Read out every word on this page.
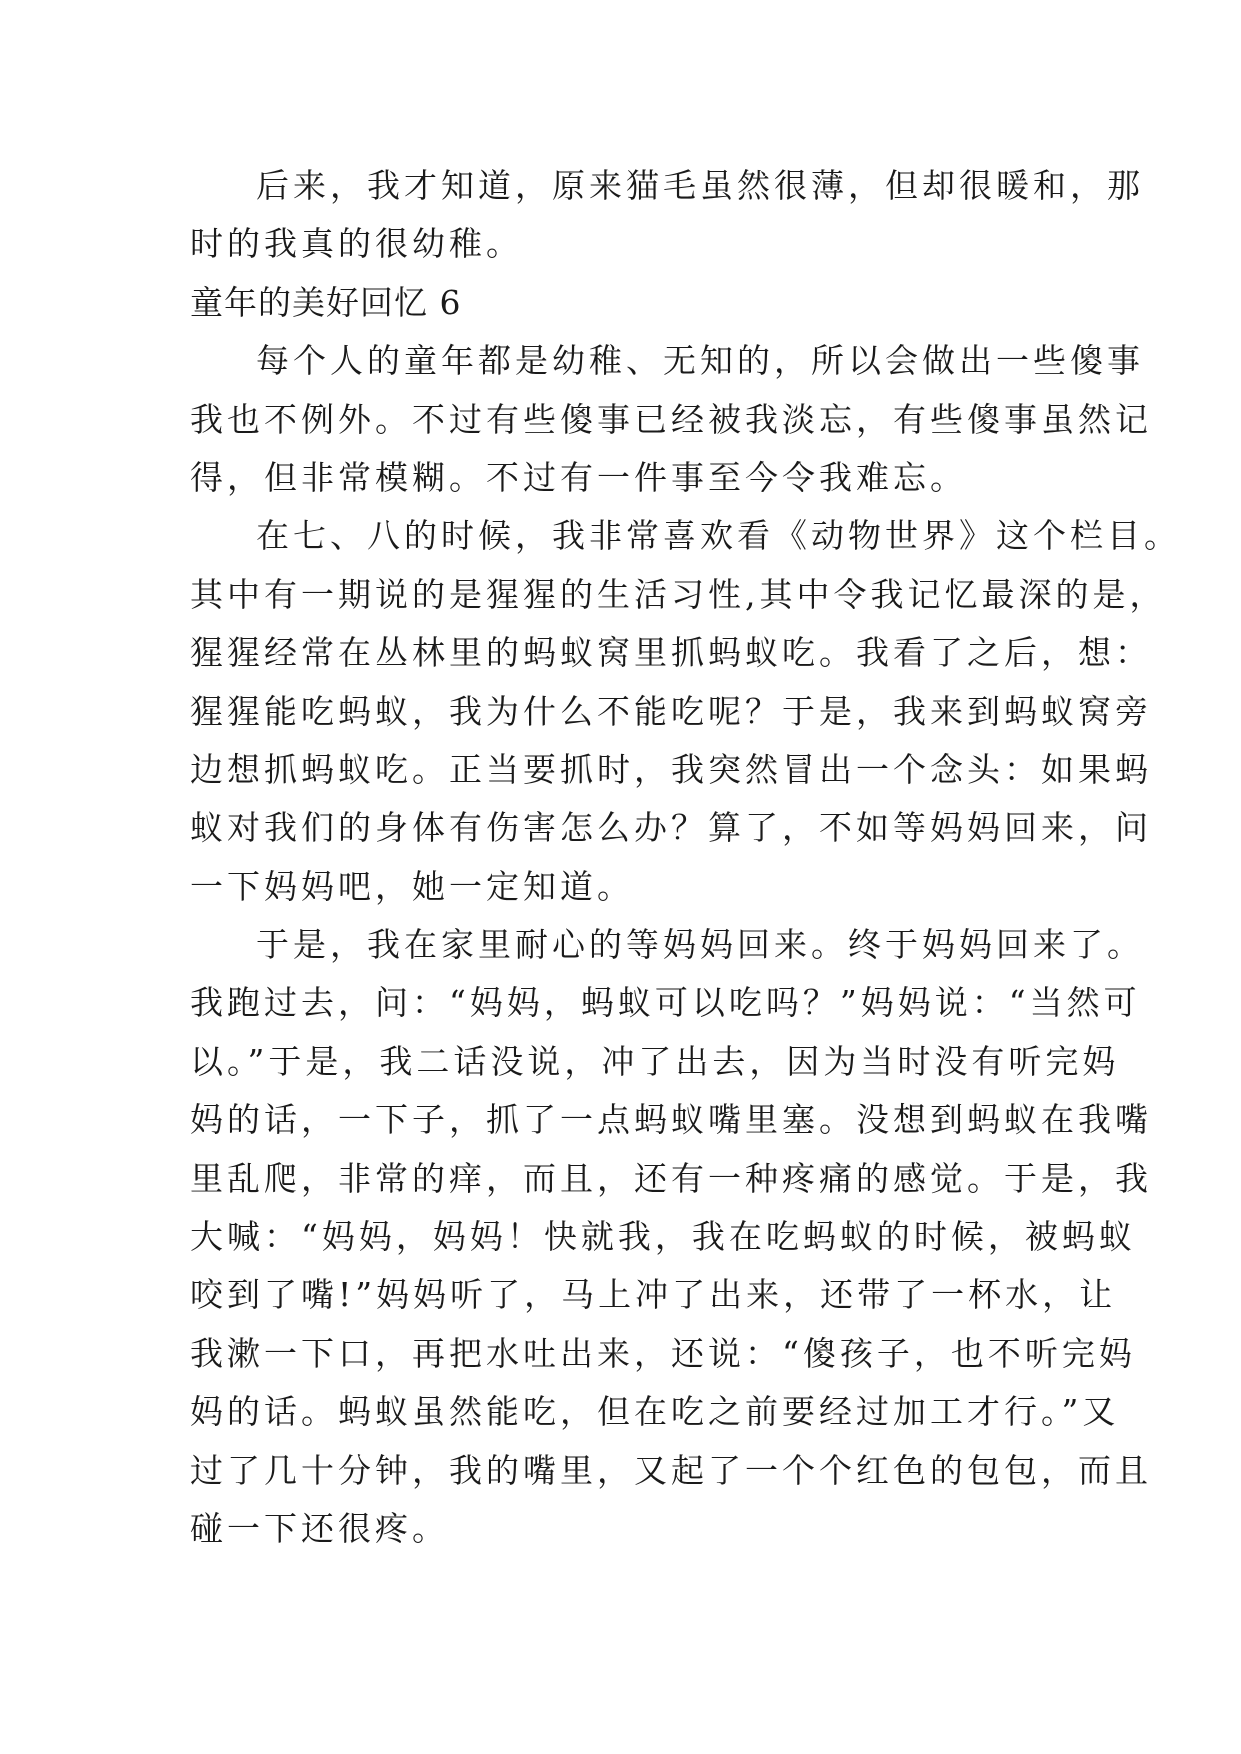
后来，我才知道，原来猫毛虽然很薄，但却很暖和，那
时的我真的很幼稚。
童年的美好回忆 6
每个人的童年都是幼稚、无知的，所以会做出一些傻事
我也不例外。不过有些傻事已经被我淡忘，有些傻事虽然记
得，但非常模糊。不过有一件事至今令我难忘。
在七、八的时候，我非常喜欢看《动物世界》这个栏目。
其中有一期说的是猩猩的生活习性,其中令我记忆最深的是，
猩猩经常在丛林里的蚂蚁窝里抓蚂蚁吃。我看了之后，想：
猩猩能吃蚂蚁，我为什么不能吃呢？于是，我来到蚂蚁窝旁
边想抓蚂蚁吃。正当要抓时，我突然冒出一个念头：如果蚂
蚁对我们的身体有伤害怎么办？算了，不如等妈妈回来，问
一下妈妈吧，她一定知道。
于是，我在家里耐心的等妈妈回来。终于妈妈回来了。
我跑过去，问：“妈妈，蚂蚁可以吃吗？”妈妈说：“当然可
以。”于是，我二话没说，冲了出去，因为当时没有听完妈
妈的话，一下子，抓了一点蚂蚁嘴里塞。没想到蚂蚁在我嘴
里乱爬，非常的痒，而且，还有一种疼痛的感觉。于是，我
大喊：“妈妈，妈妈！快就我，我在吃蚂蚁的时候，被蚂蚁
咬到了嘴!”妈妈听了，马上冲了出来，还带了一杯水，让
我漱一下口，再把水吐出来，还说：“傻孩子，也不听完妈
妈的话。蚂蚁虽然能吃，但在吃之前要经过加工才行。”又
过了几十分钟，我的嘴里，又起了一个个红色的包包，而且
碰一下还很疼。
